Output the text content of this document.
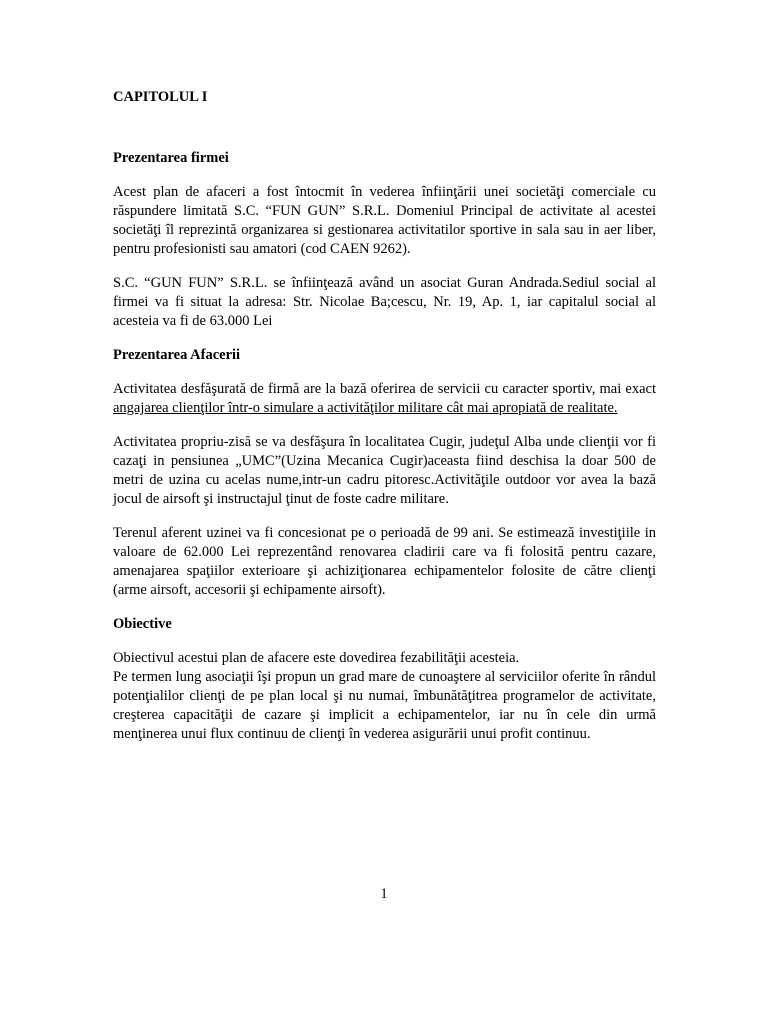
CAPITOLUL I
Prezentarea firmei

Acest plan de afaceri a fost întocmit în vederea înfiinţării unei societăţi comerciale cu răspundere limitată S.C. “FUN GUN” S.R.L. Domeniul Principal de activitate al acestei societăţi îl reprezintă organizarea si gestionarea activitatilor sportive in sala sau in aer liber, pentru profesionisti sau amatori (cod CAEN 9262).

S.C. “GUN FUN” S.R.L. se înfiinţează având un asociat Guran Andrada.Sediul social al firmei va fi situat la adresa: Str. Nicolae Ba;cescu, Nr. 19, Ap. 1, iar capitalul social al acesteia va fi de 63.000 Lei

Prezentarea Afacerii

Activitatea desfăşurată de firmă are la bază oferirea de servicii cu caracter sportiv, mai exact angajarea clienţilor într-o simulare a activităţilor militare cât mai apropiată de realitate.

Activitatea propriu-zisă se va desfăşura în localitatea Cugir, judeţul Alba unde clienţii vor fi cazaţi in pensiunea „UMC”(Uzina Mecanica Cugir)aceasta fiind deschisa la doar 500 de metri de uzina cu acelas nume,intr-un cadru pitoresc.Activităţile outdoor vor avea la bază jocul de airsoft şi instructajul ţinut de foste cadre militare.

Terenul aferent uzinei va fi concesionat pe o perioadă de 99 ani. Se estimează investiţiile in valoare de 62.000 Lei reprezentând renovarea cladirii care va fi folosită pentru cazare, amenajarea spaţiilor exterioare şi achiziţionarea echipamentelor folosite de către clienţi (arme airsoft, accesorii şi echipamente airsoft).

Obiective

Obiectivul acestui plan de afacere este dovedirea fezabilităţii acesteia.

Pe termen lung asociaţii îşi propun un grad mare de cunoaştere al serviciilor oferite în rândul potenţialilor clienţi de pe plan local şi nu numai, îmbunătăţitrea programelor de activitate, creşterea capacităţii de cazare şi implicit a echipamentelor, iar nu în cele din urmă menţinerea unui flux continuu de clienţi în vederea asigurării unui profit continuu.

1
